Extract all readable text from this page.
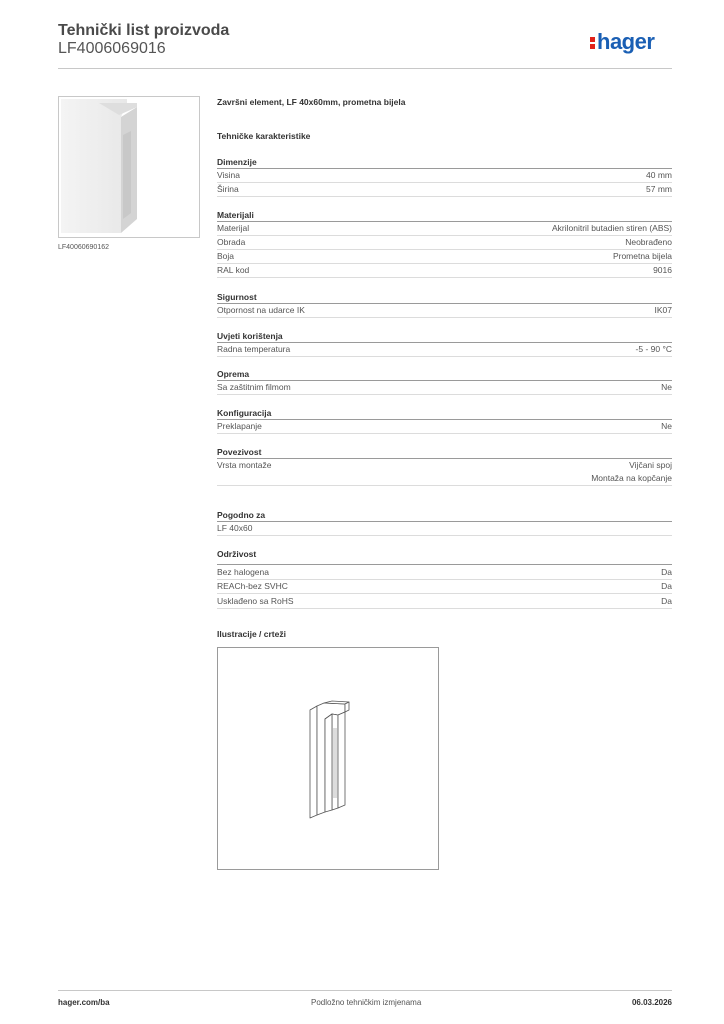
Tehnički list proizvoda
LF4006069016	hager
LF40060690162
Završni element, LF 40x60mm, prometna bijela
Tehničke karakteristike
Dimenzije
Visina	40 mm
Širina	57 mm
Materijali
Materijal	Akrilonitril butadien stiren (ABS)
Obrada	Neobrađeno
Boja	Prometna bijela
RAL kod	9016
Sigurnost
Otpornost na udarce IK	IK07
Uvjeti korištenja
Radna temperatura	-5 - 90 °C
Oprema
Sa zaštitnim filmom	Ne
Konfiguracija
Preklapanje	Ne
Povezivost
Vrsta montaže	Vijčani spoj
Montaža na kopčanje
Pogodno za
LF 40x60
Održivost
Bez halogena	Da
REACh-bez SVHC	Da
Usklađeno sa RoHS	Da
Ilustracije / crteži
hager.com/ba	Podložno tehničkim izmjenama	06.03.2026
